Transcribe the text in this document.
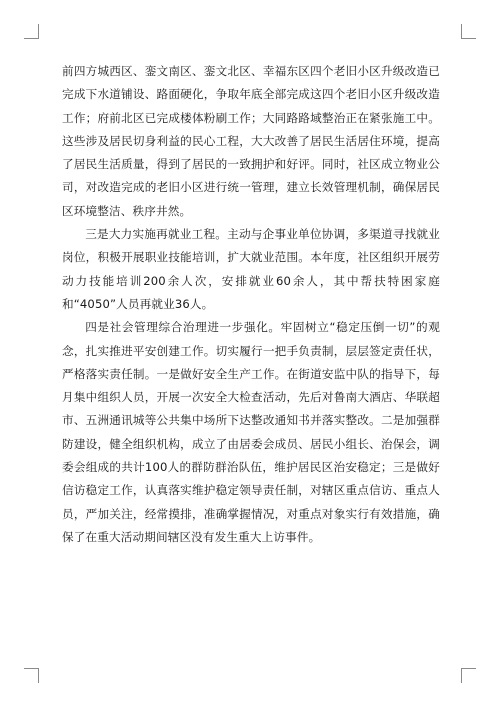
前四方城西区、銮文南区、銮文北区、幸福东区四个老旧小区升级改造已完成下水道铺设、路面硬化，争取年底全部完成这四个老旧小区升级改造工作；府前北区已完成楼体粉刷工作；大同路路域整治正在紧张施工中。这些涉及居民切身利益的民心工程，大大改善了居民生活居住环境，提高了居民生活质量，得到了居民的一致拥护和好评。同时，社区成立物业公司，对改造完成的老旧小区进行统一管理，建立长效管理机制，确保居民区环境整洁、秩序井然。

三是大力实施再就业工程。主动与企事业单位协调，多渠道寻找就业岗位，积极开展职业技能培训，扩大就业范围。本年度，社区组织开展劳动力技能培训200余人次，安排就业60余人，其中帮扶特困家庭和“4050”人员再就业36人。

四是社会管理综合治理进一步强化。牢固树立“稳定压倒一切”的观念，扎实推进平安创建工作。切实履行一把手负责制，层层签定责任状，严格落实责任制。一是做好安全生产工作。在街道安监中队的指导下，每月集中组织人员，开展一次安全大检查活动，先后对鲁南大酒店、华联超市、五洲通讯城等公共集中场所下达整改通知书并落实整改。二是加强群防建设，健全组织机构，成立了由居委会成员、居民小组长、治保会，调委会组成的共计100人的群防群治队伍，维护居民区治安稳定；三是做好信访稳定工作，认真落实维护稳定领导责任制，对辖区重点信访、重点人员，严加关注，经常摸排，准确掌握情况，对重点对象实行有效措施，确保了在重大活动期间辖区没有发生重大上访事件。
